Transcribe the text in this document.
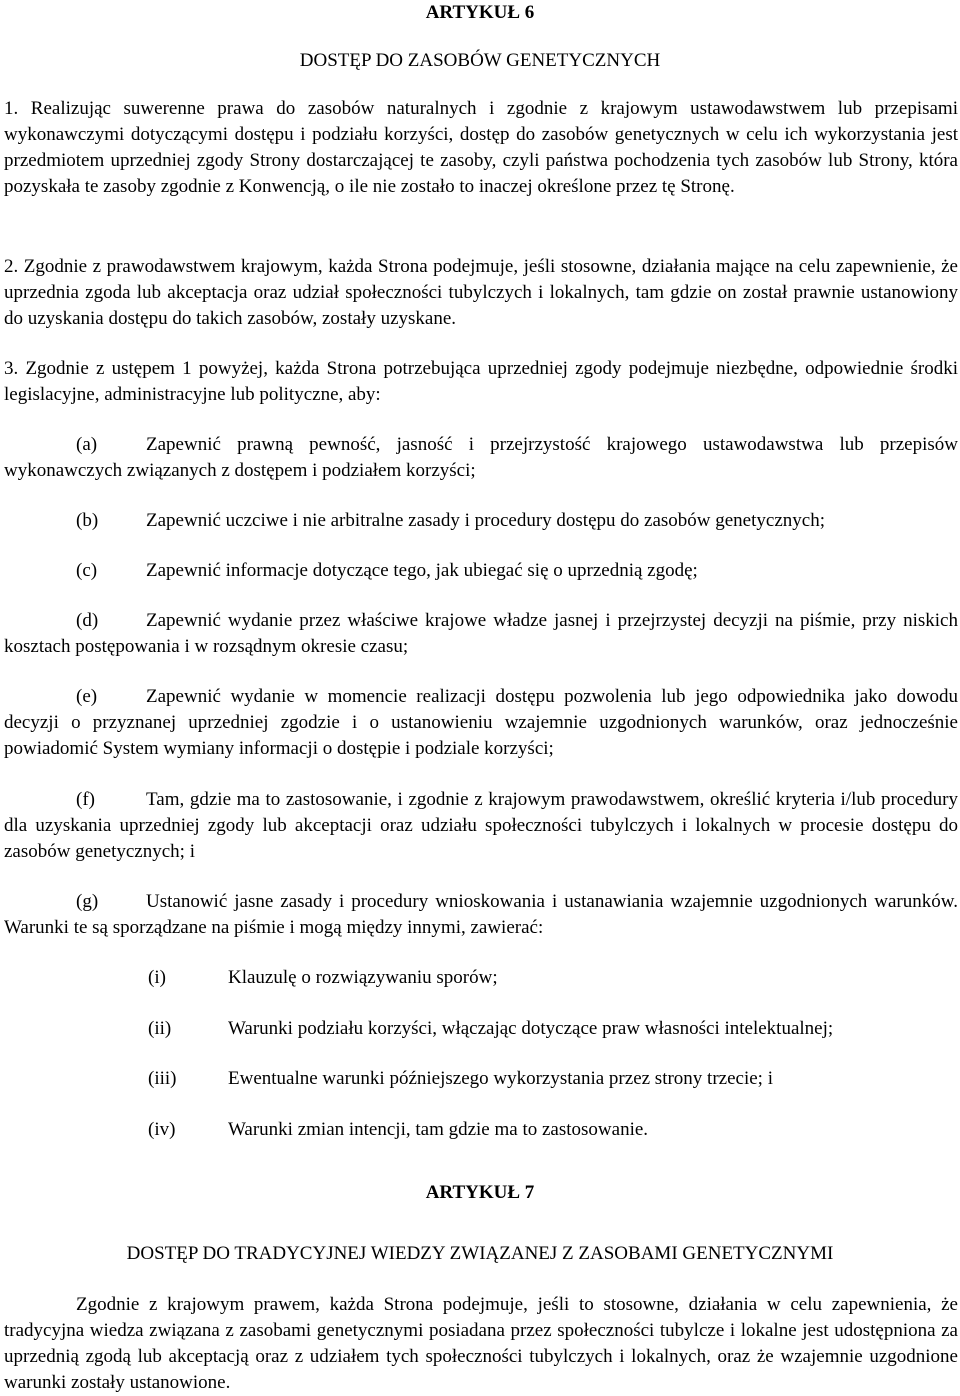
ARTYKUŁ 6
DOSTĘP DO ZASOBÓW GENETYCZNYCH

1. Realizując suwerenne prawa do zasobów naturalnych i zgodnie z krajowym ustawodawstwem lub przepisami wykonawczymi dotyczącymi dostępu i podziału korzyści, dostęp do zasobów genetycznych w celu ich wykorzystania jest przedmiotem uprzedniej zgody Strony dostarczającej te zasoby, czyli państwa pochodzenia tych zasobów lub Strony, która pozyskała te zasoby zgodnie z Konwencją, o ile nie zostało to inaczej określone przez tę Stronę.

2. Zgodnie z prawodawstwem krajowym, każda Strona podejmuje, jeśli stosowne, działania mające na celu zapewnienie, że uprzednia zgoda lub akceptacja oraz udział społeczności tubylczych i lokalnych, tam gdzie on został prawnie ustanowiony do uzyskania dostępu do takich zasobów, zostały uzyskane.

3. Zgodnie z ustępem 1 powyżej, każda Strona potrzebująca uprzedniej zgody podejmuje niezbędne, odpowiednie środki legislacyjne, administracyjne lub polityczne, aby:

(a)	Zapewnić prawną pewność, jasność i przejrzystość krajowego ustawodawstwa lub przepisów wykonawczych związanych z dostępem i podziałem korzyści;

(b)	Zapewnić uczciwe i nie arbitralne zasady i procedury dostępu do zasobów genetycznych;

(c)	Zapewnić informacje dotyczące tego, jak ubiegać się o uprzednią zgodę;

(d)	Zapewnić wydanie przez właściwe krajowe władze jasnej i przejrzystej decyzji na piśmie, przy niskich kosztach postępowania i w rozsądnym okresie czasu;

(e)	Zapewnić wydanie w momencie realizacji dostępu pozwolenia lub jego odpowiednika jako dowodu decyzji o przyznanej uprzedniej zgodzie i o ustanowieniu wzajemnie uzgodnionych warunków, oraz jednocześnie powiadomić System wymiany informacji o dostępie i podziale korzyści;

(f)	Tam, gdzie ma to zastosowanie, i zgodnie z krajowym prawodawstwem, określić kryteria i/lub procedury dla uzyskania uprzedniej zgody lub akceptacji oraz udziału społeczności tubylczych i lokalnych w procesie dostępu do zasobów genetycznych; i

(g)	Ustanowić jasne zasady i procedury wnioskowania i ustanawiania wzajemnie uzgodnionych warunków. Warunki te są sporządzane na piśmie i mogą między innymi, zawierać:

(i)	Klauzulę o rozwiązywaniu sporów;
(ii)	Warunki podziału korzyści, włączając dotyczące praw własności intelektualnej;
(iii)	Ewentualne warunki późniejszego wykorzystania przez strony trzecie; i
(iv)	Warunki zmian intencji, tam gdzie ma to zastosowanie.
ARTYKUŁ 7
DOSTĘP DO TRADYCYJNEJ WIEDZY ZWIĄZANEJ Z ZASOBAMI GENETYCZNYMI

Zgodnie z krajowym prawem, każda Strona podejmuje, jeśli to stosowne, działania w celu zapewnienia, że tradycyjna wiedza związana z zasobami genetycznymi posiadana przez społeczności tubylcze i lokalne jest udostępniona za uprzednią zgodą lub akceptacją oraz z udziałem tych społeczności tubylczych i lokalnych, oraz że wzajemnie uzgodnione warunki zostały ustanowione.
